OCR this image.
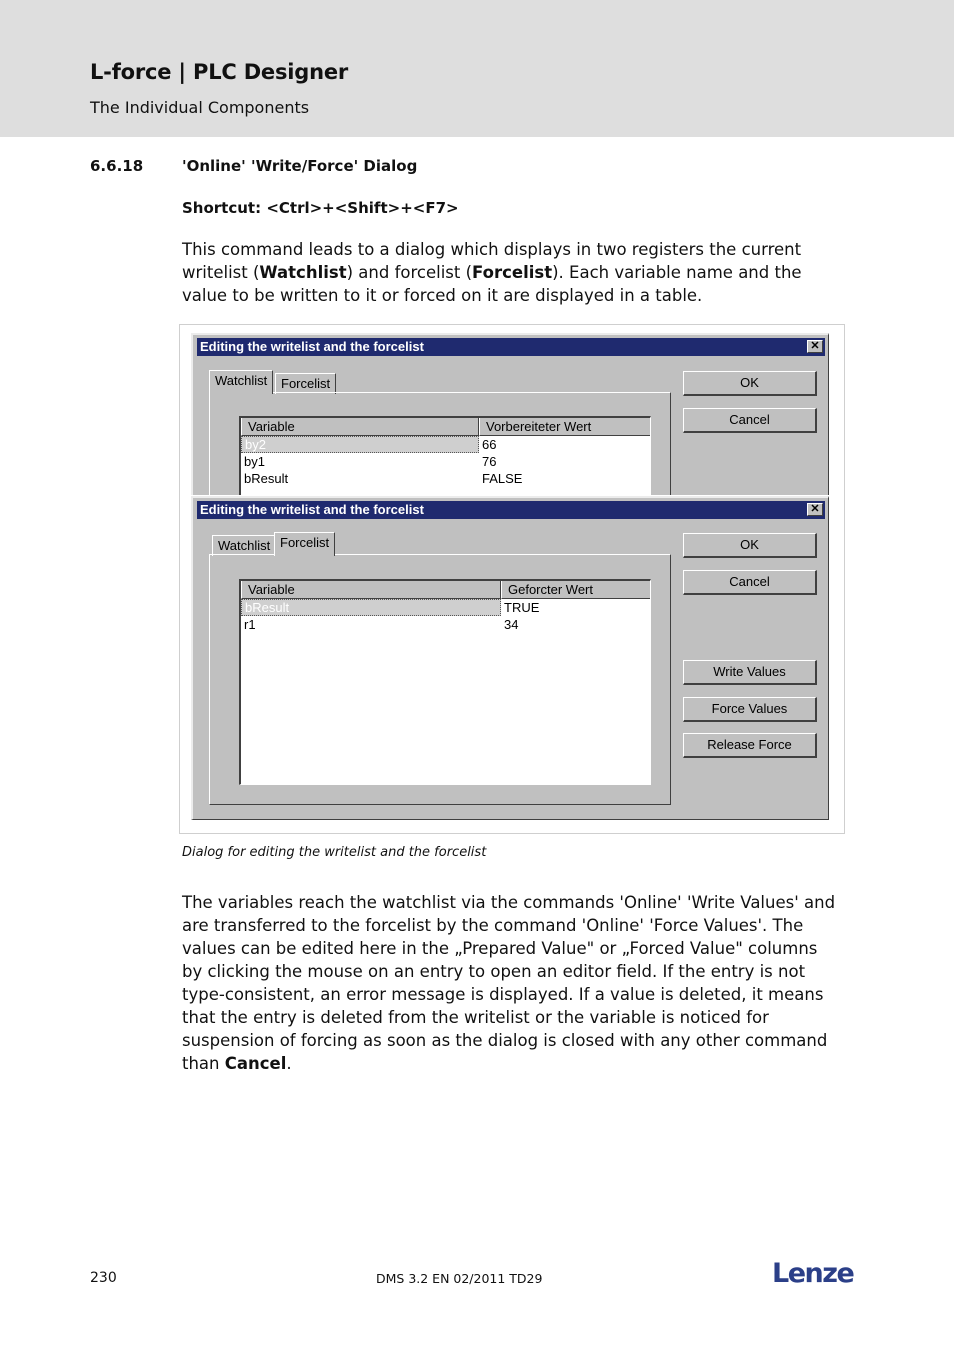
L-force | PLC Designer
The Individual Components
6.6.18	'Online' 'Write/Force' Dialog
Shortcut: <Ctrl>+<Shift>+<F7>

This command leads to a dialog which displays in two registers the current writelist (Watchlist) and forcelist (Forcelist). Each variable name and the value to be written to it or forced on it are displayed in a table.

Editing the writelist and the forcelist	✕
Watchlist	Forcelist
Variable	Vorbereiteter Wert
by2	66
by1	76
bResult	FALSE
OK
Cancel
Editing the writelist and the forcelist	✕
Watchlist Forcelist
Variable	Geforcter Wert
bResult	TRUE
r1	34
OK
Cancel
Write Values
Force Values
Release Force
Dialog for editing the writelist and the forcelist

The variables reach the watchlist via the commands 'Online' 'Write Values' and are transferred to the forcelist by the command 'Online' 'Force Values'. The values can be edited here in the „Prepared Value" or „Forced Value" columns by clicking the mouse on an entry to open an editor field. If the entry is not type-consistent, an error message is displayed. If a value is deleted, it means that the entry is deleted from the writelist or the variable is noticed for suspension of forcing as soon as the dialog is closed with any other command than Cancel.

230	DMS 3.2 EN 02/2011 TD29	Lenze
